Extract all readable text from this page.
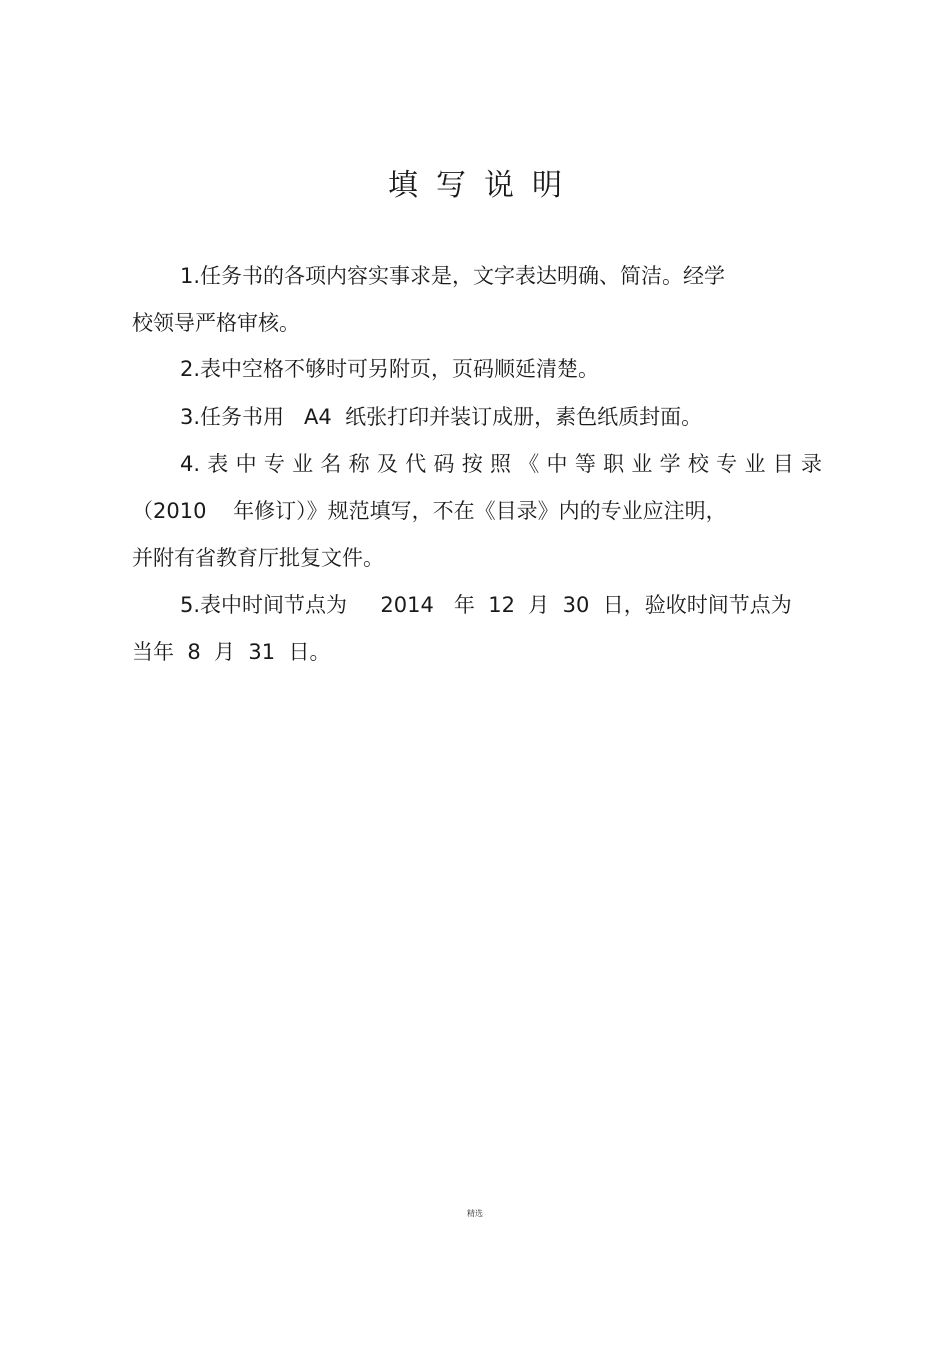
填写说明
1.任务书的各项内容实事求是，文字表达明确、简洁。经学
校领导严格审核。
2.表中空格不够时可另附页，页码顺延清楚。
3.任务书用   A4  纸张打印并装订成册，素色纸质封面。
4.表中专业名称及代码按照《中等职业学校专业目录
（2010    年修订）》规范填写，不在《目录》内的专业应注明，
并附有省教育厅批复文件。
5.表中时间节点为     2014   年  12  月  30  日，验收时间节点为
当年  8  月  31  日。
精选
